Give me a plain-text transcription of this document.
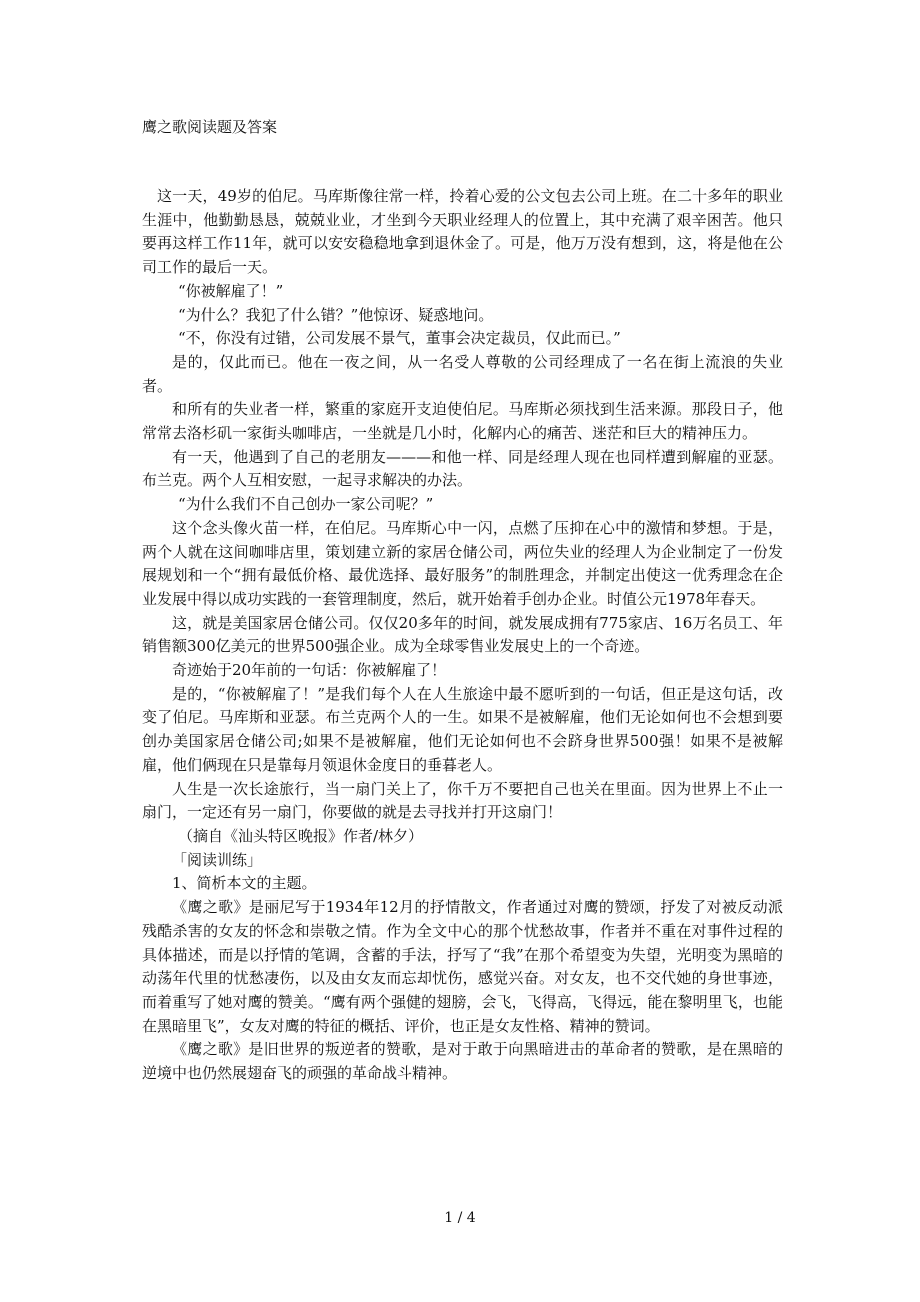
鹰之歌阅读题及答案

这一天，49岁的伯尼。马库斯像往常一样，拎着心爱的公文包去公司上班。在二十多年的职业生涯中，他勤勤恳恳，兢兢业业，才坐到今天职业经理人的位置上，其中充满了艰辛困苦。他只要再这样工作11年，就可以安安稳稳地拿到退休金了。可是，他万万没有想到，这，将是他在公司工作的最后一天。

“你被解雇了！”

“为什么？我犯了什么错？”他惊讶、疑惑地问。

“不，你没有过错，公司发展不景气，董事会决定裁员，仅此而已。”

是的，仅此而已。他在一夜之间，从一名受人尊敬的公司经理成了一名在街上流浪的失业者。

和所有的失业者一样，繁重的家庭开支迫使伯尼。马库斯必须找到生活来源。那段日子，他常常去洛杉矶一家街头咖啡店，一坐就是几小时，化解内心的痛苦、迷茫和巨大的精神压力。

有一天，他遇到了自己的老朋友———和他一样、同是经理人现在也同样遭到解雇的亚瑟。布兰克。两个人互相安慰，一起寻求解决的办法。

“为什么我们不自己创办一家公司呢？”

这个念头像火苗一样，在伯尼。马库斯心中一闪，点燃了压抑在心中的激情和梦想。于是，两个人就在这间咖啡店里，策划建立新的家居仓储公司，两位失业的经理人为企业制定了一份发展规划和一个“拥有最低价格、最优选择、最好服务”的制胜理念，并制定出使这一优秀理念在企业发展中得以成功实践的一套管理制度，然后，就开始着手创办企业。时值公元1978年春天。

这，就是美国家居仓储公司。仅仅20多年的时间，就发展成拥有775家店、16万名员工、年销售额300亿美元的世界500强企业。成为全球零售业发展史上的一个奇迹。

奇迹始于20年前的一句话：你被解雇了！

是的，“你被解雇了！”是我们每个人在人生旅途中最不愿听到的一句话，但正是这句话，改变了伯尼。马库斯和亚瑟。布兰克两个人的一生。如果不是被解雇，他们无论如何也不会想到要创办美国家居仓储公司;如果不是被解雇，他们无论如何也不会跻身世界500强！如果不是被解雇，他们俩现在只是靠每月领退休金度日的垂暮老人。

人生是一次长途旅行，当一扇门关上了，你千万不要把自己也关在里面。因为世界上不止一扇门，一定还有另一扇门，你要做的就是去寻找并打开这扇门！

（摘自《汕头特区晚报》作者/林夕）

「阅读训练」

1、简析本文的主题。

《鹰之歌》是丽尼写于1934年12月的抒情散文，作者通过对鹰的赞颂，抒发了对被反动派残酷杀害的女友的怀念和崇敬之情。作为全文中心的那个忧愁故事，作者并不重在对事件过程的具体描述，而是以抒情的笔调，含蓄的手法，抒写了“我”在那个希望变为失望，光明变为黑暗的动荡年代里的忧愁凄伤，以及由女友而忘却忧伤，感觉兴奋。对女友，也不交代她的身世事迹，而着重写了她对鹰的赞美。“鹰有两个强健的翅膀，会飞，飞得高，飞得远，能在黎明里飞，也能在黑暗里飞”，女友对鹰的特征的概括、评价，也正是女友性格、精神的赞词。

《鹰之歌》是旧世界的叛逆者的赞歌，是对于敢于向黑暗进击的革命者的赞歌，是在黑暗的逆境中也仍然展翅奋飞的顽强的革命战斗精神。

1 / 4
